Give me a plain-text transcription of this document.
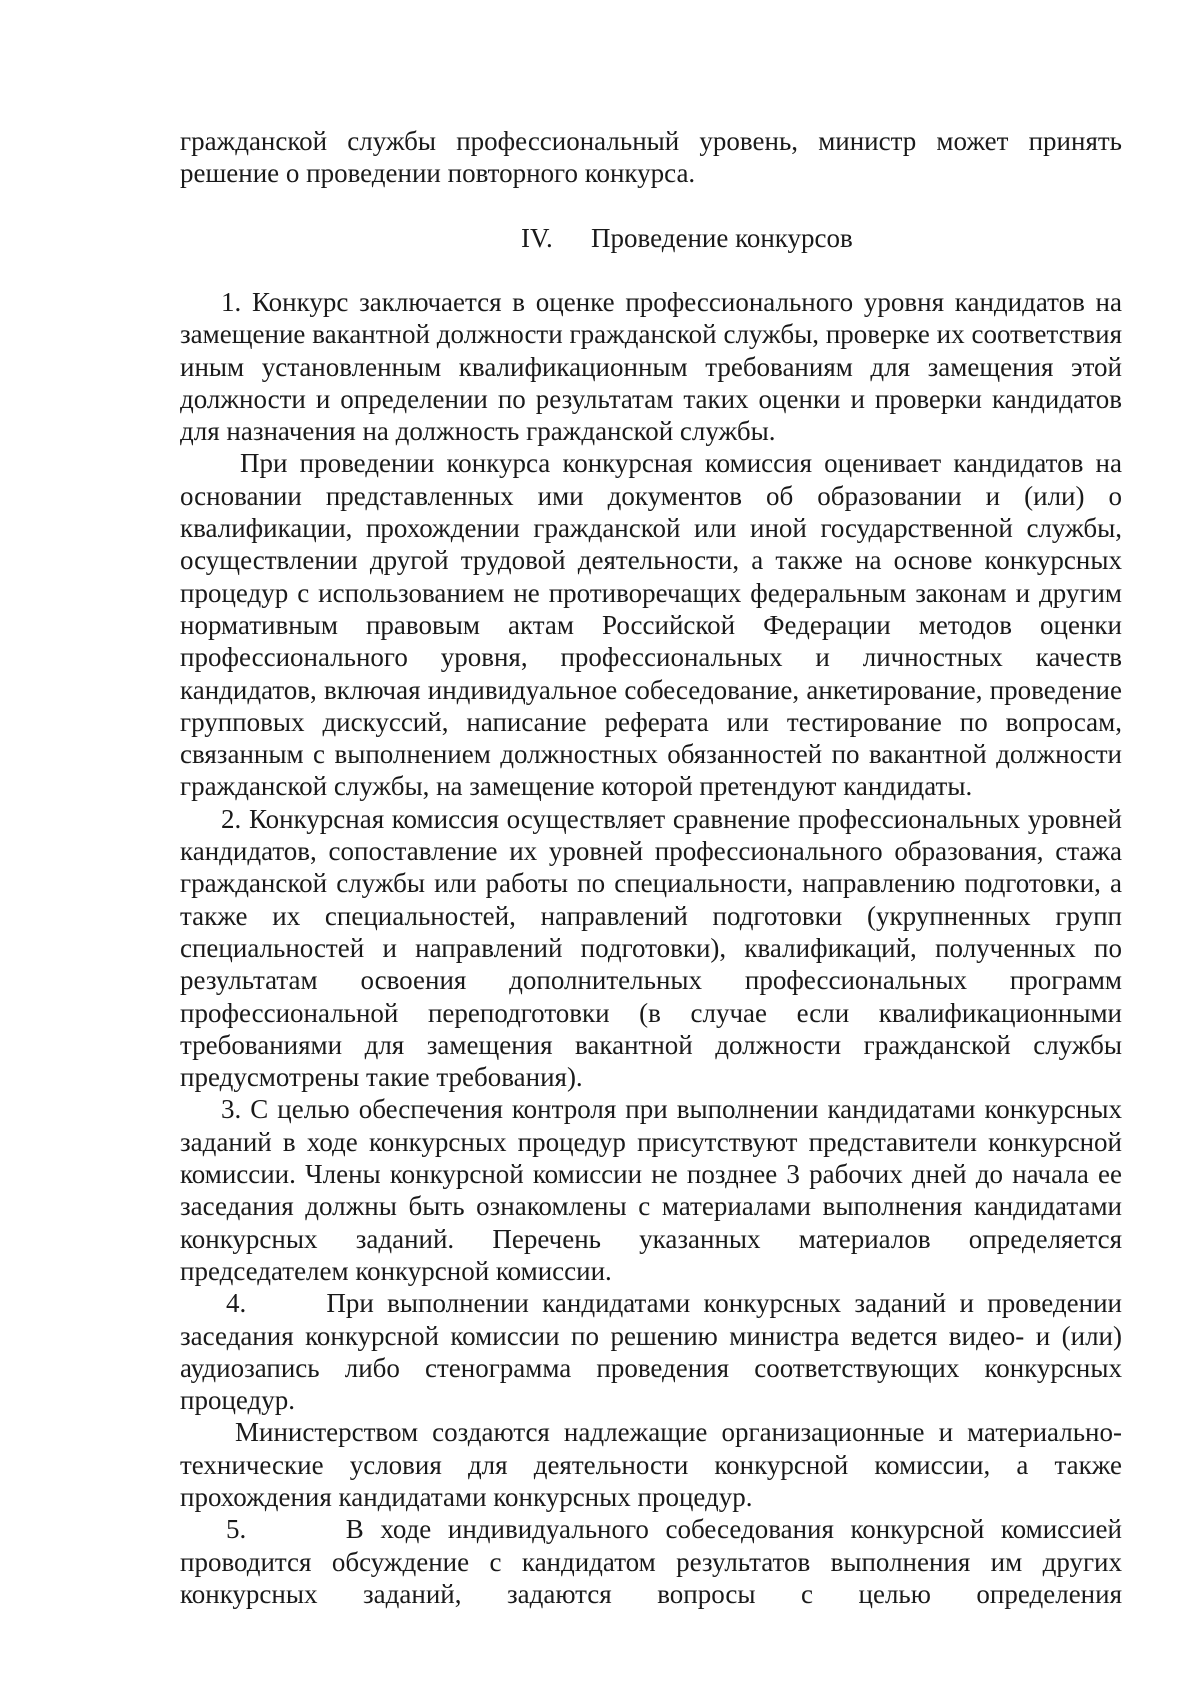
гражданской службы профессиональный уровень, министр может принять решение о проведении повторного конкурса.

IV. Проведение конкурсов

1. Конкурс заключается в оценке профессионального уровня кандидатов на замещение вакантной должности гражданской службы, проверке их соответствия иным установленным квалификационным требованиям для замещения этой должности и определении по результатам таких оценки и проверки кандидатов для назначения на должность гражданской службы.

При проведении конкурса конкурсная комиссия оценивает кандидатов на основании представленных ими документов об образовании и (или) о квалификации, прохождении гражданской или иной государственной службы, осуществлении другой трудовой деятельности, а также на основе конкурсных процедур с использованием не противоречащих федеральным законам и другим нормативным правовым актам Российской Федерации методов оценки профессионального уровня, профессиональных и личностных качеств кандидатов, включая индивидуальное собеседование, анкетирование, проведение групповых дискуссий, написание реферата или тестирование по вопросам, связанным с выполнением должностных обязанностей по вакантной должности гражданской службы, на замещение которой претендуют кандидаты.

2. Конкурсная комиссия осуществляет сравнение профессиональных уровней кандидатов, сопоставление их уровней профессионального образования, стажа гражданской службы или работы по специальности, направлению подготовки, а также их специальностей, направлений подготовки (укрупненных групп специальностей и направлений подготовки), квалификаций, полученных по результатам освоения дополнительных профессиональных программ профессиональной переподготовки (в случае если квалификационными требованиями для замещения вакантной должности гражданской службы предусмотрены такие требования).

3. С целью обеспечения контроля при выполнении кандидатами конкурсных заданий в ходе конкурсных процедур присутствуют представители конкурсной комиссии. Члены конкурсной комиссии не позднее 3 рабочих дней до начала ее заседания должны быть ознакомлены с материалами выполнения кандидатами конкурсных заданий. Перечень указанных материалов определяется председателем конкурсной комиссии.

4.      При выполнении кандидатами конкурсных заданий и проведении заседания конкурсной комиссии по решению министра ведется видео- и (или) аудиозапись либо стенограмма проведения соответствующих конкурсных процедур.

Министерством создаются надлежащие организационные и материально-технические условия для деятельности конкурсной комиссии, а также прохождения кандидатами конкурсных процедур.

5.      В ходе индивидуального собеседования конкурсной комиссией проводится обсуждение с кандидатом результатов выполнения им других конкурсных заданий, задаются вопросы с целью определения
